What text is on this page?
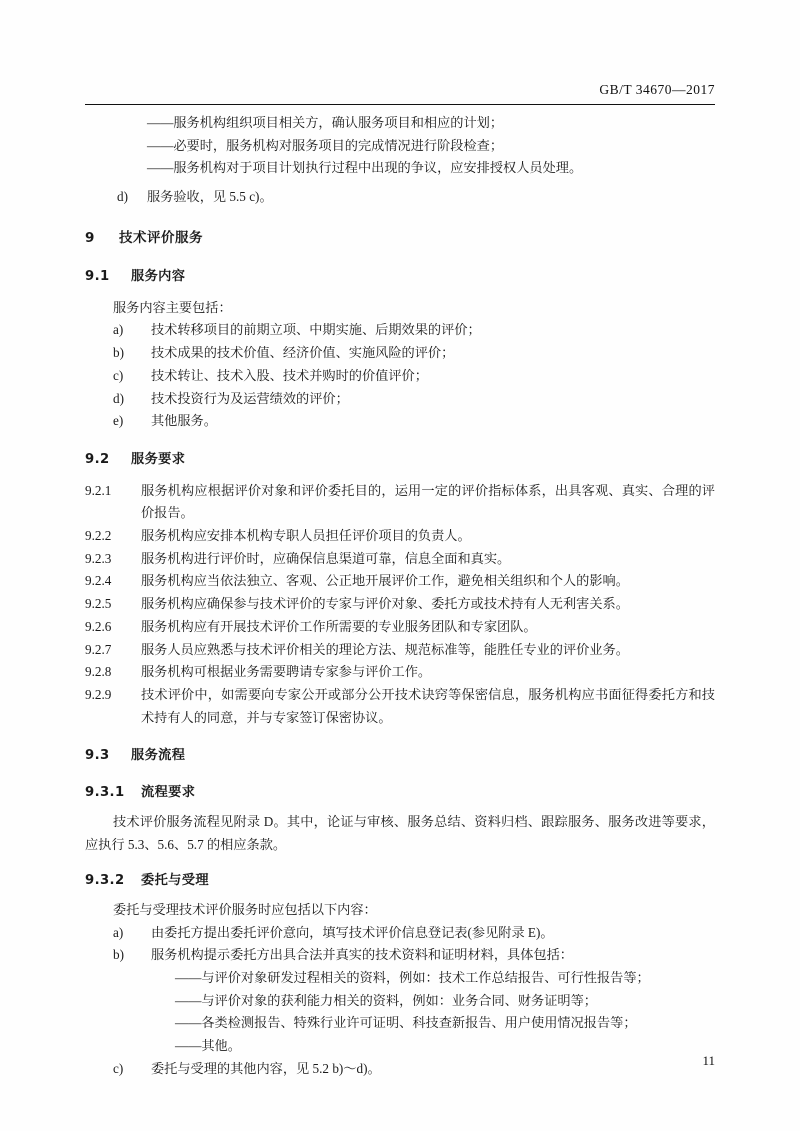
GB/T 34670—2017

——服务机构组织项目相关方，确认服务项目和相应的计划；

——必要时，服务机构对服务项目的完成情况进行阶段检查；

——服务机构对于项目计划执行过程中出现的争议，应安排授权人员处理。

d) 服务验收，见 5.5 c)。
9 技术评价服务
9.1 服务内容

服务内容主要包括：

a)	技术转移项目的前期立项、中期实施、后期效果的评价；
b)	技术成果的技术价值、经济价值、实施风险的评价；
c)	技术转让、技术入股、技术并购时的价值评价；
d)	技术投资行为及运营绩效的评价；
e)	其他服务。
9.2 服务要求

9.2.1	服务机构应根据评价对象和评价委托目的，运用一定的评价指标体系，出具客观、真实、合理的评价报告。

9.2.2	服务机构应安排本机构专职人员担任评价项目的负责人。

9.2.3	服务机构进行评价时，应确保信息渠道可靠，信息全面和真实。

9.2.4	服务机构应当依法独立、客观、公正地开展评价工作，避免相关组织和个人的影响。

9.2.5	服务机构应确保参与技术评价的专家与评价对象、委托方或技术持有人无利害关系。

9.2.6	服务机构应有开展技术评价工作所需要的专业服务团队和专家团队。

9.2.7	服务人员应熟悉与技术评价相关的理论方法、规范标准等，能胜任专业的评价业务。

9.2.8	服务机构可根据业务需要聘请专家参与评价工作。

9.2.9	技术评价中，如需要向专家公开或部分公开技术诀窍等保密信息，服务机构应书面征得委托方和技术持有人的同意，并与专家签订保密协议。

9.3 服务流程
9.3.1 流程要求

技术评价服务流程见附录 D。其中，论证与审核、服务总结、资料归档、跟踪服务、服务改进等要求，应执行 5.3、5.6、5.7 的相应条款。

9.3.2 委托与受理

委托与受理技术评价服务时应包括以下内容：

a)	由委托方提出委托评价意向，填写技术评价信息登记表(参见附录 E)。
b)	服务机构提示委托方出具合法并真实的技术资料和证明材料，具体包括：

——与评价对象研发过程相关的资料，例如：技术工作总结报告、可行性报告等；

——与评价对象的获利能力相关的资料，例如：业务合同、财务证明等；

——各类检测报告、特殊行业许可证明、科技查新报告、用户使用情况报告等；

——其他。

c)	委托与受理的其他内容，见 5.2 b)～d)。
11
